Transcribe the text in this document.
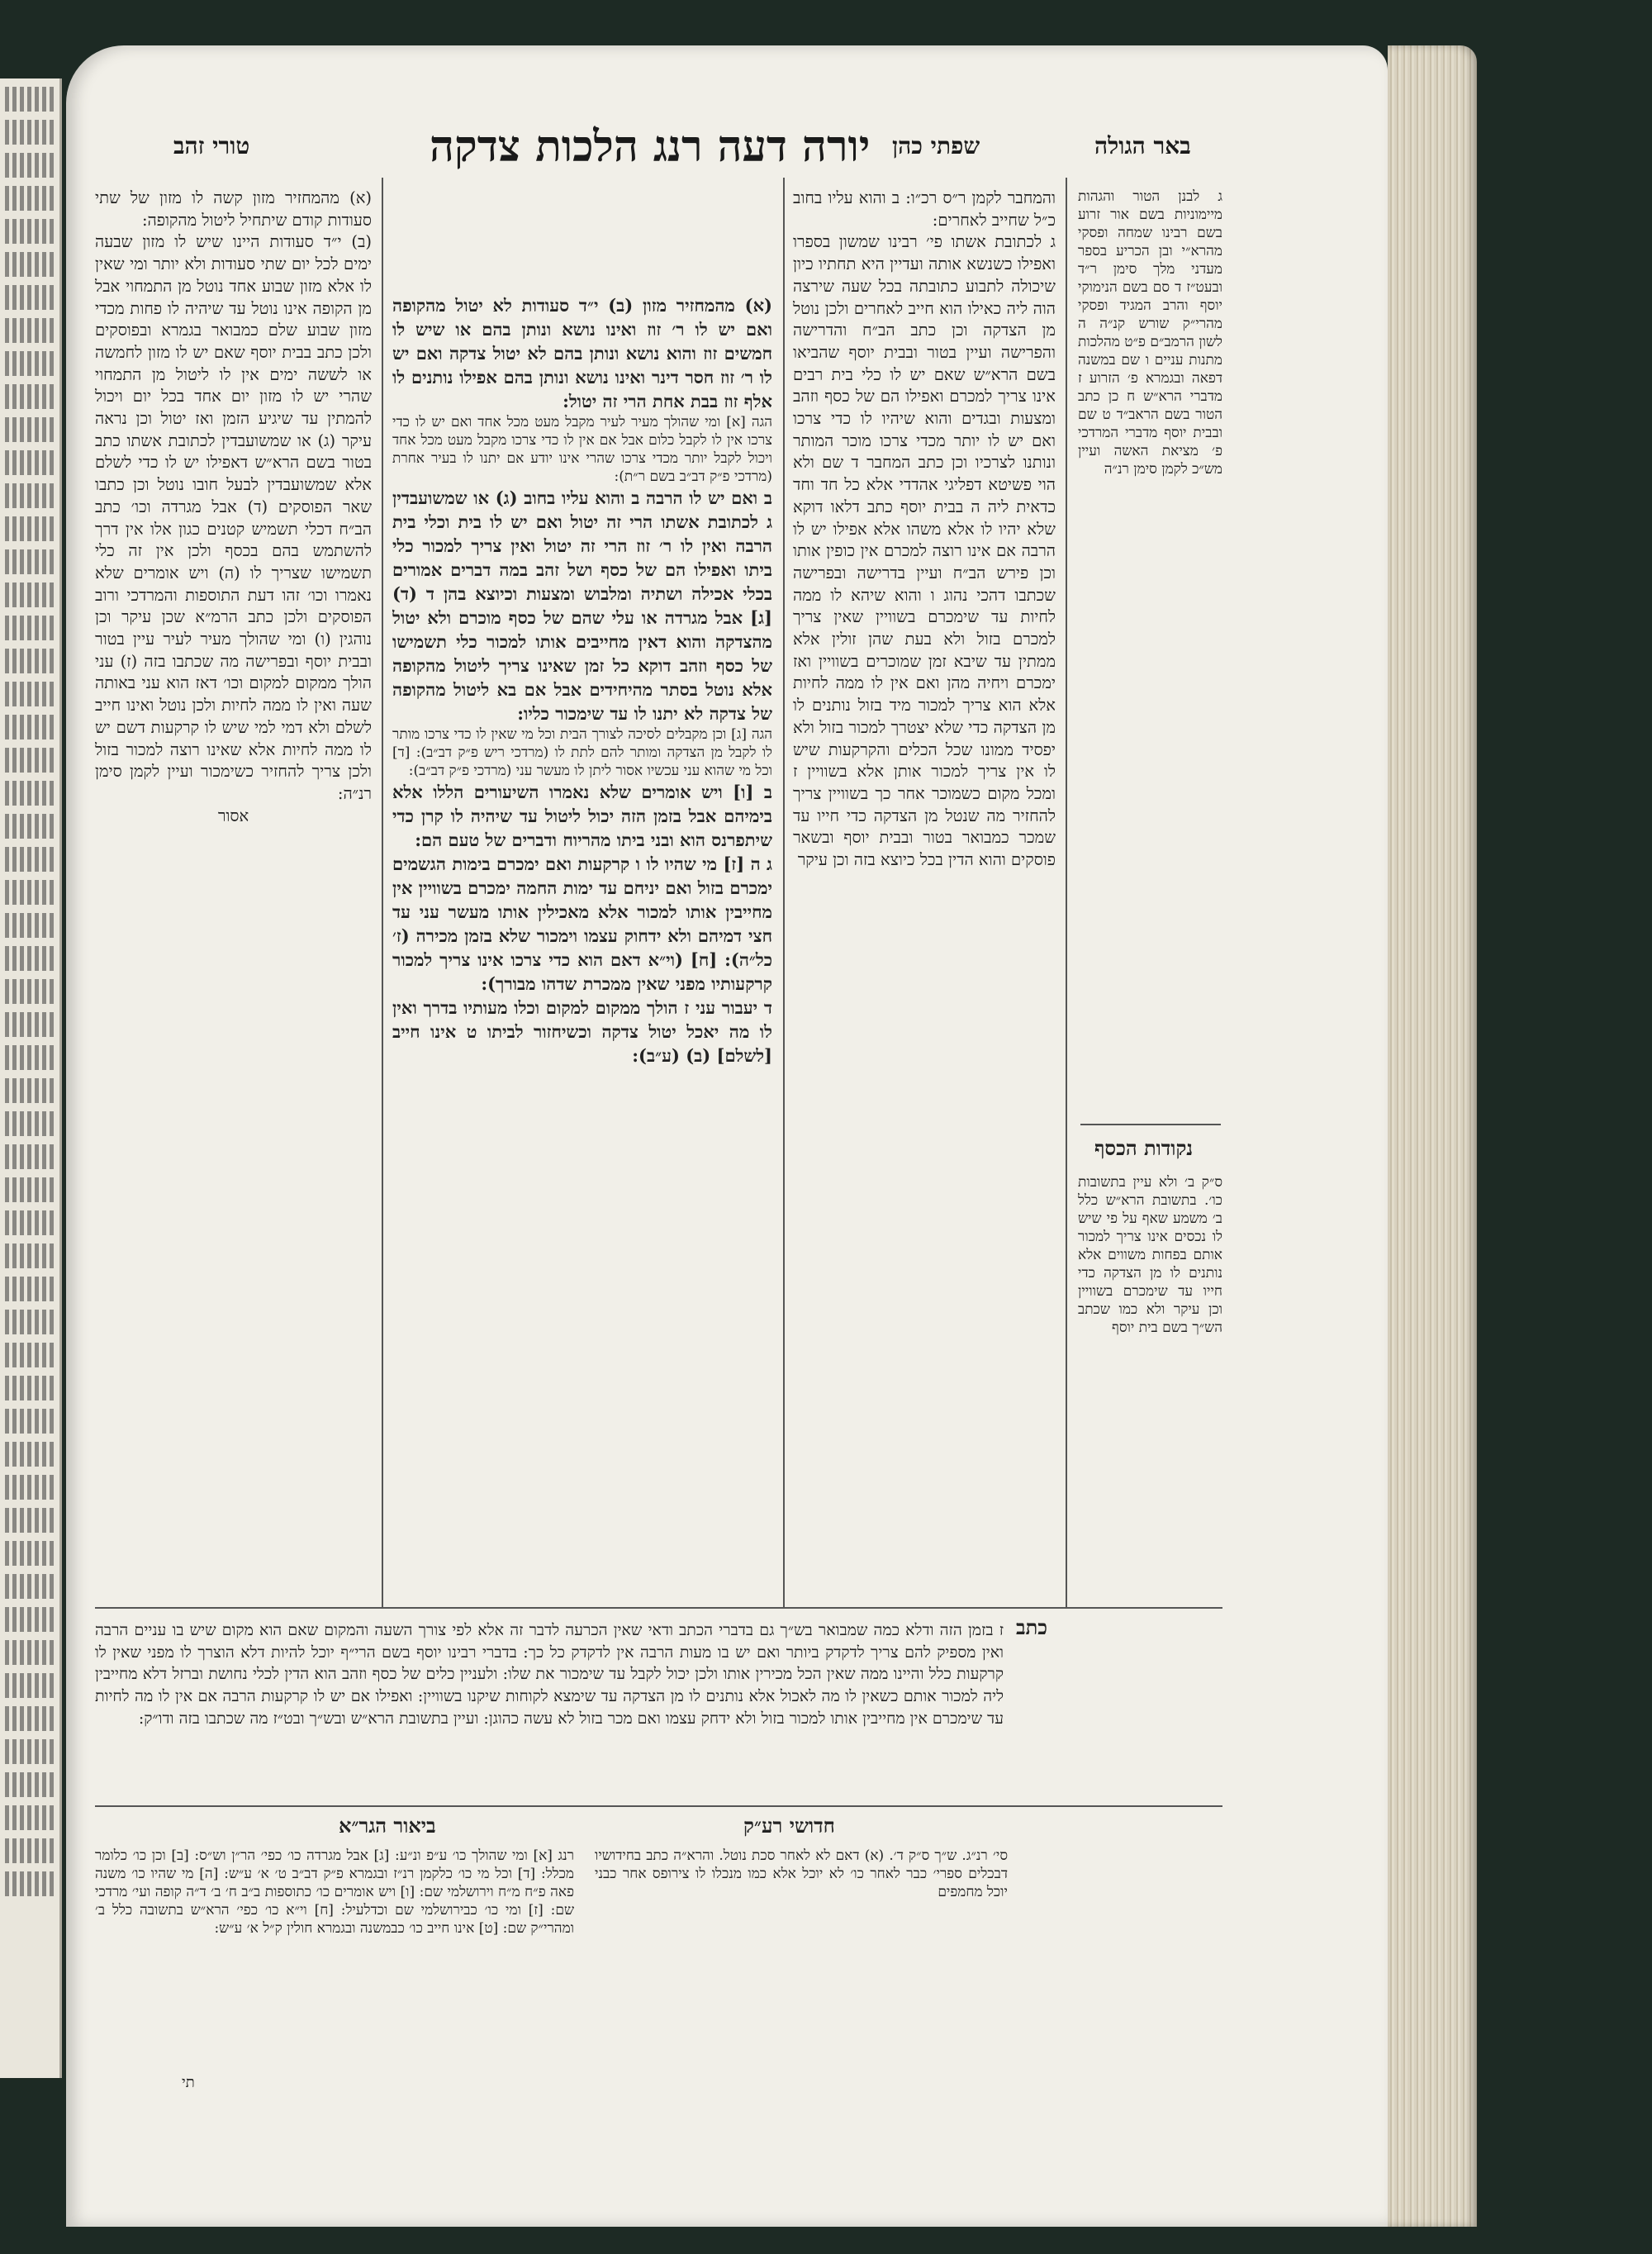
באר הגולה
שפתי כהן
יורה דעה רנג הלכות צדקה
טורי זהב

ג לבנן הטור והגהות מיימוניות בשם אור זרוע בשם רבינו שמחה ופסקי מהרא״י ובן הכריע בספר מעדני מלך סימן ר״ד ובעט״ז ד סם בשם הנימוקי יוסף והרב המגיד ופסקי מהרי״ק שורש קנ״ה ה לשון הרמב״ם פ״ט מהלכות מתנות עניים ו שם במשנה דפאה ובגמרא פ׳ הזרוע ז מדברי הרא״ש ח כן כתב הטור בשם הראב״ד ט שם ובבית יוסף מדברי המרדכי פ׳ מציאת האשה ועיין מש״כ לקמן סימן רנ״ה

נקודות הכסף

ס״ק ב׳ ולא עיין בתשובות כו׳. בתשובת הרא״ש כלל ב׳ משמע שאף על פי שיש לו נכסים אינו צריך למכור אותם בפחות משווים אלא נותנים לו מן הצדקה כדי חייו עד שימכרם בשוויין וכן עיקר ולא כמו שכתב הש״ך בשם בית יוסף

והמחבר לקמן ר״ס רכ״ו: ב והוא עליו בחוב כ״ל שחייב לאחרים:

ג לכתובת אשתו פי׳ רבינו שמשון בספרו ואפילו כשנשא אותה ועדיין היא תחתיו כיון שיכולה לתבוע כתובתה בכל שעה שירצה הוה ליה כאילו הוא חייב לאחרים ולכן נוטל מן הצדקה וכן כתב הב״ח והדרישה והפרישה ועיין בטור ובבית יוסף שהביאו בשם הרא״ש שאם יש לו כלי בית רבים אינו צריך למכרם ואפילו הם של כסף וזהב ומצעות ובגדים והוא שיהיו לו כדי צרכו ואם יש לו יותר מכדי צרכו מוכר המותר ונותנו לצרכיו וכן כתב המחבר ד שם ולא הוי פשיטא דפליגי אהדדי אלא כל חד וחד כדאית ליה ה בבית יוסף כתב דלאו דוקא שלא יהיו לו אלא משהו אלא אפילו יש לו הרבה אם אינו רוצה למכרם אין כופין אותו וכן פירש הב״ח ועיין בדרישה ובפרישה שכתבו דהכי נהוג ו והוא שיהא לו ממה לחיות עד שימכרם בשוויין שאין צריך למכרם בזול ולא בעת שהן זולין אלא ממתין עד שיבא זמן שמוכרים בשוויין ואז ימכרם ויחיה מהן ואם אין לו ממה לחיות אלא הוא צריך למכור מיד בזול נותנים לו מן הצדקה כדי שלא יצטרך למכור בזול ולא יפסיד ממונו שכל הכלים והקרקעות שיש לו אין צריך למכור אותן אלא בשוויין ז ומכל מקום כשמוכר אחר כך בשוויין צריך להחזיר מה שנטל מן הצדקה כדי חייו עד שמכר כמבואר בטור ובבית יוסף ובשאר פוסקים והוא הדין בכל כיוצא בזה וכן עיקר

(א) מהמחזיר מזון (ב) י״ד סעודות לא יטול מהקופה ואם יש לו ר׳ זוז ואינו נושא ונותן בהם או שיש לו חמשים זוז והוא נושא ונותן בהם לא יטול צדקה ואם יש לו ר׳ זוז חסר דינר ואינו נושא ונותן בהם אפילו נותנים לו אלף זוז בבת אחת הרי זה יטול:

הגה [א] ומי שהולך מעיר לעיר מקבל מעט מכל אחד ואם יש לו כדי צרכו אין לו לקבל כלום אבל אם אין לו כדי צרכו מקבל מעט מכל אחד ויכול לקבל יותר מכדי צרכו שהרי אינו יודע אם יתנו לו בעיר אחרת (מרדכי פ״ק דב״ב בשם ר״ת):

ב ואם יש לו הרבה ב והוא עליו בחוב (ג) או שמשועבדין ג לכתובת אשתו הרי זה יטול ואם יש לו בית וכלי בית הרבה ואין לו ר׳ זוז הרי זה יטול ואין צריך למכור כלי ביתו ואפילו הם של כסף ושל זהב במה דברים אמורים בכלי אכילה ושתיה ומלבוש ומצעות וכיוצא בהן ד (ד) [ג] אבל מגרדה או עלי שהם של כסף מוכרם ולא יטול מהצדקה והוא דאין מחייבים אותו למכור כלי תשמישו של כסף וזהב דוקא כל זמן שאינו צריך ליטול מהקופה אלא נוטל בסתר מהיחידים אבל אם בא ליטול מהקופה של צדקה לא יתנו לו עד שימכור כליו:

הגה [ג] וכן מקבלים לסיכה לצורך הבית וכל מי שאין לו כדי צרכו מותר לו לקבל מן הצדקה ומותר להם לתת לו (מרדכי ריש פ״ק דב״ב): [ד] וכל מי שהוא עני עכשיו אסור ליתן לו מעשר עני (מרדכי פ״ק דב״ב):

ב [ו] ויש אומרים שלא נאמרו השיעורים הללו אלא בימיהם אבל בזמן הזה יכול ליטול עד שיהיה לו קרן כדי שיתפרנס הוא ובני ביתו מהריוח ודברים של טעם הם:

ג ה [ז] מי שהיו לו ו קרקעות ואם ימכרם בימות הגשמים ימכרם בזול ואם יניחם עד ימות החמה ימכרם בשוויין אין מחייבין אותו למכור אלא מאכילין אותו מעשר עני עד חצי דמיהם ולא ידחוק עצמו וימכור שלא בזמן מכירה (ז׳ כל״ה): [ח] (וי״א דאם הוא כדי צרכו אינו צריך למכור קרקעותיו מפני שאין ממכרת שדהו מבורך):

ד יעבור עני ז הולך ממקום למקום וכלו מעותיו בדרך ואין לו מה יאכל יטול צדקה וכשיחזור לביתו ט אינו חייב [לשלם] (ב) (ע״ב):

(א) מהמחזיר מזון קשה לו מזון של שתי סעודות קודם שיתחיל ליטול מהקופה:

(ב) י״ד סעודות היינו שיש לו מזון שבעה ימים לכל יום שתי סעודות ולא יותר ומי שאין לו אלא מזון שבוע אחד נוטל מן התמחוי אבל מן הקופה אינו נוטל עד שיהיה לו פחות מכדי מזון שבוע שלם כמבואר בגמרא ובפוסקים ולכן כתב בבית יוסף שאם יש לו מזון לחמשה או לששה ימים אין לו ליטול מן התמחוי שהרי יש לו מזון יום אחד בכל יום ויכול להמתין עד שיגיע הזמן ואז יטול וכן נראה עיקר (ג) או שמשועבדין לכתובת אשתו כתב בטור בשם הרא״ש דאפילו יש לו כדי לשלם אלא שמשועבדין לבעל חובו נוטל וכן כתבו שאר הפוסקים (ד) אבל מגרדה וכו׳ כתב הב״ח דכלי תשמיש קטנים כגון אלו אין דרך להשתמש בהם בכסף ולכן אין זה כלי תשמישו שצריך לו (ה) ויש אומרים שלא נאמרו וכו׳ זהו דעת התוספות והמרדכי ורוב הפוסקים ולכן כתב הרמ״א שכן עיקר וכן נוהגין (ו) ומי שהולך מעיר לעיר עיין בטור ובבית יוסף ובפרישה מה שכתבו בזה (ז) עני הולך ממקום למקום וכו׳ דאז הוא עני באותה שעה ואין לו ממה לחיות ולכן נוטל ואינו חייב לשלם ולא דמי למי שיש לו קרקעות דשם יש לו ממה לחיות אלא שאינו רוצה למכור בזול ולכן צריך להחזיר כשימכור ועיין לקמן סימן רנ״ה:

אסור

כתב

ז בזמן הזה ודלא כמה שמבואר בש״ך גם בדברי הכתב ודאי שאין הכרעה לדבר זה אלא לפי צורך השעה והמקום שאם הוא מקום שיש בו עניים הרבה ואין מספיק להם צריך לדקדק ביותר ואם יש בו מעות הרבה אין לדקדק כל כך: בדברי רבינו יוסף בשם הרי״ף יוכל להיות דלא הוצרך לו מפני שאין לו קרקעות כלל והיינו ממה שאין הכל מכירין אותו ולכן יכול לקבל עד שימכור את שלו: ולעניין כלים של כסף וזהב הוא הדין לכלי נחושת וברזל דלא מחייבין ליה למכור אותם כשאין לו מה לאכול אלא נותנים לו מן הצדקה עד שימצא לקוחות שיקנו בשוויין: ואפילו אם יש לו קרקעות הרבה אם אין לו מה לחיות עד שימכרם אין מחייבין אותו למכור בזול ולא ידחק עצמו ואם מכר בזול לא עשה כהוגן: ועיין בתשובת הרא״ש ובש״ך ובט״ז מה שכתבו בזה ודו״ק:

חדושי רע״ק

סי׳ רנ״ג. ש״ך ס״ק ד׳. (א) דאם לא לאחר סכת נוטל. והרא״ה כתב בחידושיו דבכלים ספרי׳ כבר לאחר כו׳ לא יוכל אלא כמו מנכלו לו צירופס אחר כבני יוכל מחמפים

ביאור הגר״א

רנג [א] ומי שהולך כו׳ ע״פ ונ״ע: [ג] אבל מגרדה כו׳ כפי׳ הר״ן וש״ס: [ב] וכן כו׳ כלומר מכלל: [ד] וכל מי כו׳ כלקמן רנ״ז ובגמרא פ״ק דב״ב ט׳ א׳ ע״ש: [ה] מי שהיו כו׳ משנה פאה פ״ח מ״ח וירושלמי שם: [ו] ויש אומרים כו׳ כתוספות ב״ב ח׳ ב׳ ד״ה קופה ועי׳ מרדכי שם: [ז] ומי כו׳ כבירושלמי שם וכדלעיל: [ח] וי״א כו׳ כפי׳ הרא״ש בתשובה כלל ב׳ ומהרי״ק שם: [ט] אינו חייב כו׳ כבמשנה ובגמרא חולין ק״ל א׳ ע״ש:

תי
